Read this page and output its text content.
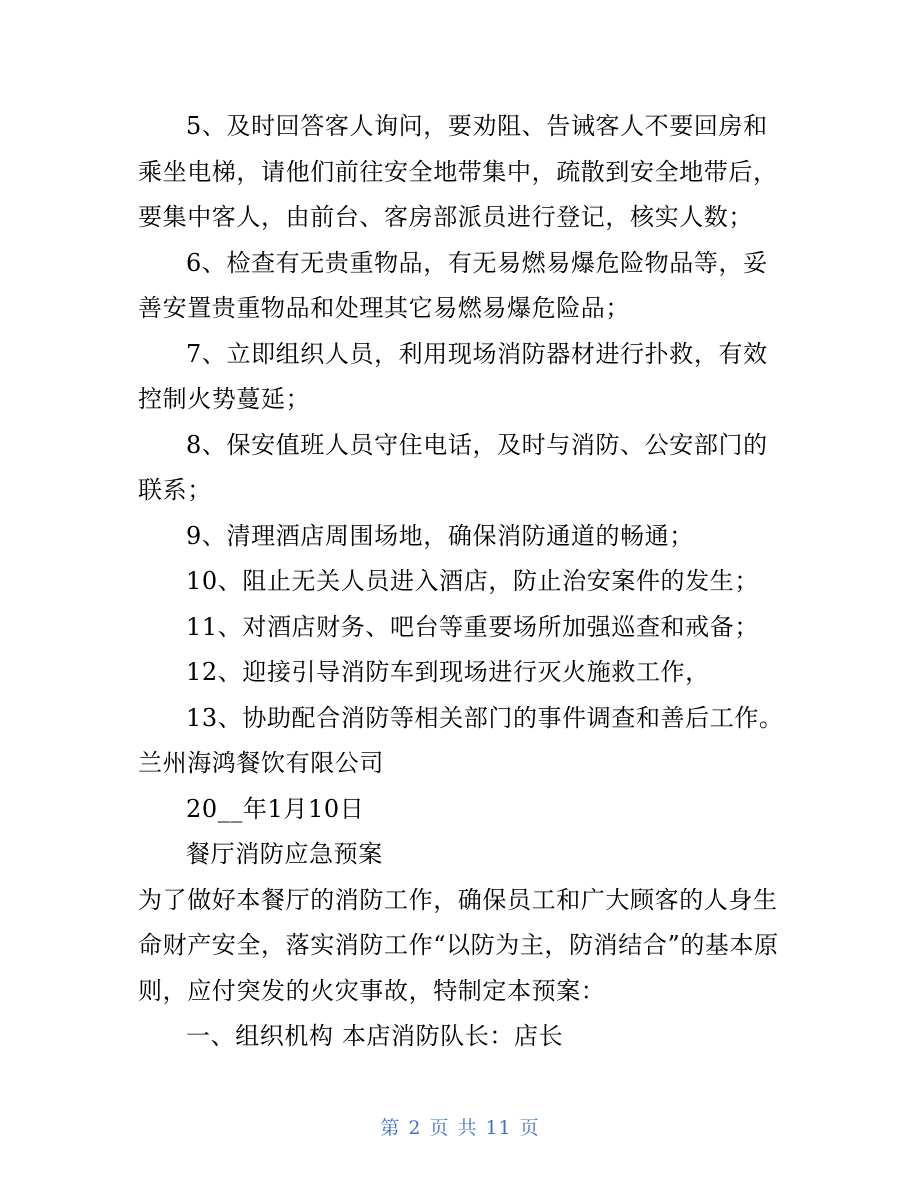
5、及时回答客人询问，要劝阻、告诫客人不要回房和乘坐电梯，请他们前往安全地带集中，疏散到安全地带后，要集中客人，由前台、客房部派员进行登记，核实人数；

6、检查有无贵重物品，有无易燃易爆危险物品等，妥善安置贵重物品和处理其它易燃易爆危险品；

7、立即组织人员，利用现场消防器材进行扑救，有效控制火势蔓延；

8、保安值班人员守住电话，及时与消防、公安部门的联系；

9、清理酒店周围场地，确保消防通道的畅通；

10、阻止无关人员进入酒店，防止治安案件的发生；

11、对酒店财务、吧台等重要场所加强巡查和戒备；

12、迎接引导消防车到现场进行灭火施救工作，

13、协助配合消防等相关部门的事件调查和善后工作。

兰州海鸿餐饮有限公司

20__年1月10日

餐厅消防应急预案

为了做好本餐厅的消防工作，确保员工和广大顾客的人身生命财产安全，落实消防工作“以防为主，防消结合”的基本原则，应付突发的火灾事故，特制定本预案：

一、组织机构 本店消防队长：店长

第 2 页 共 11 页
